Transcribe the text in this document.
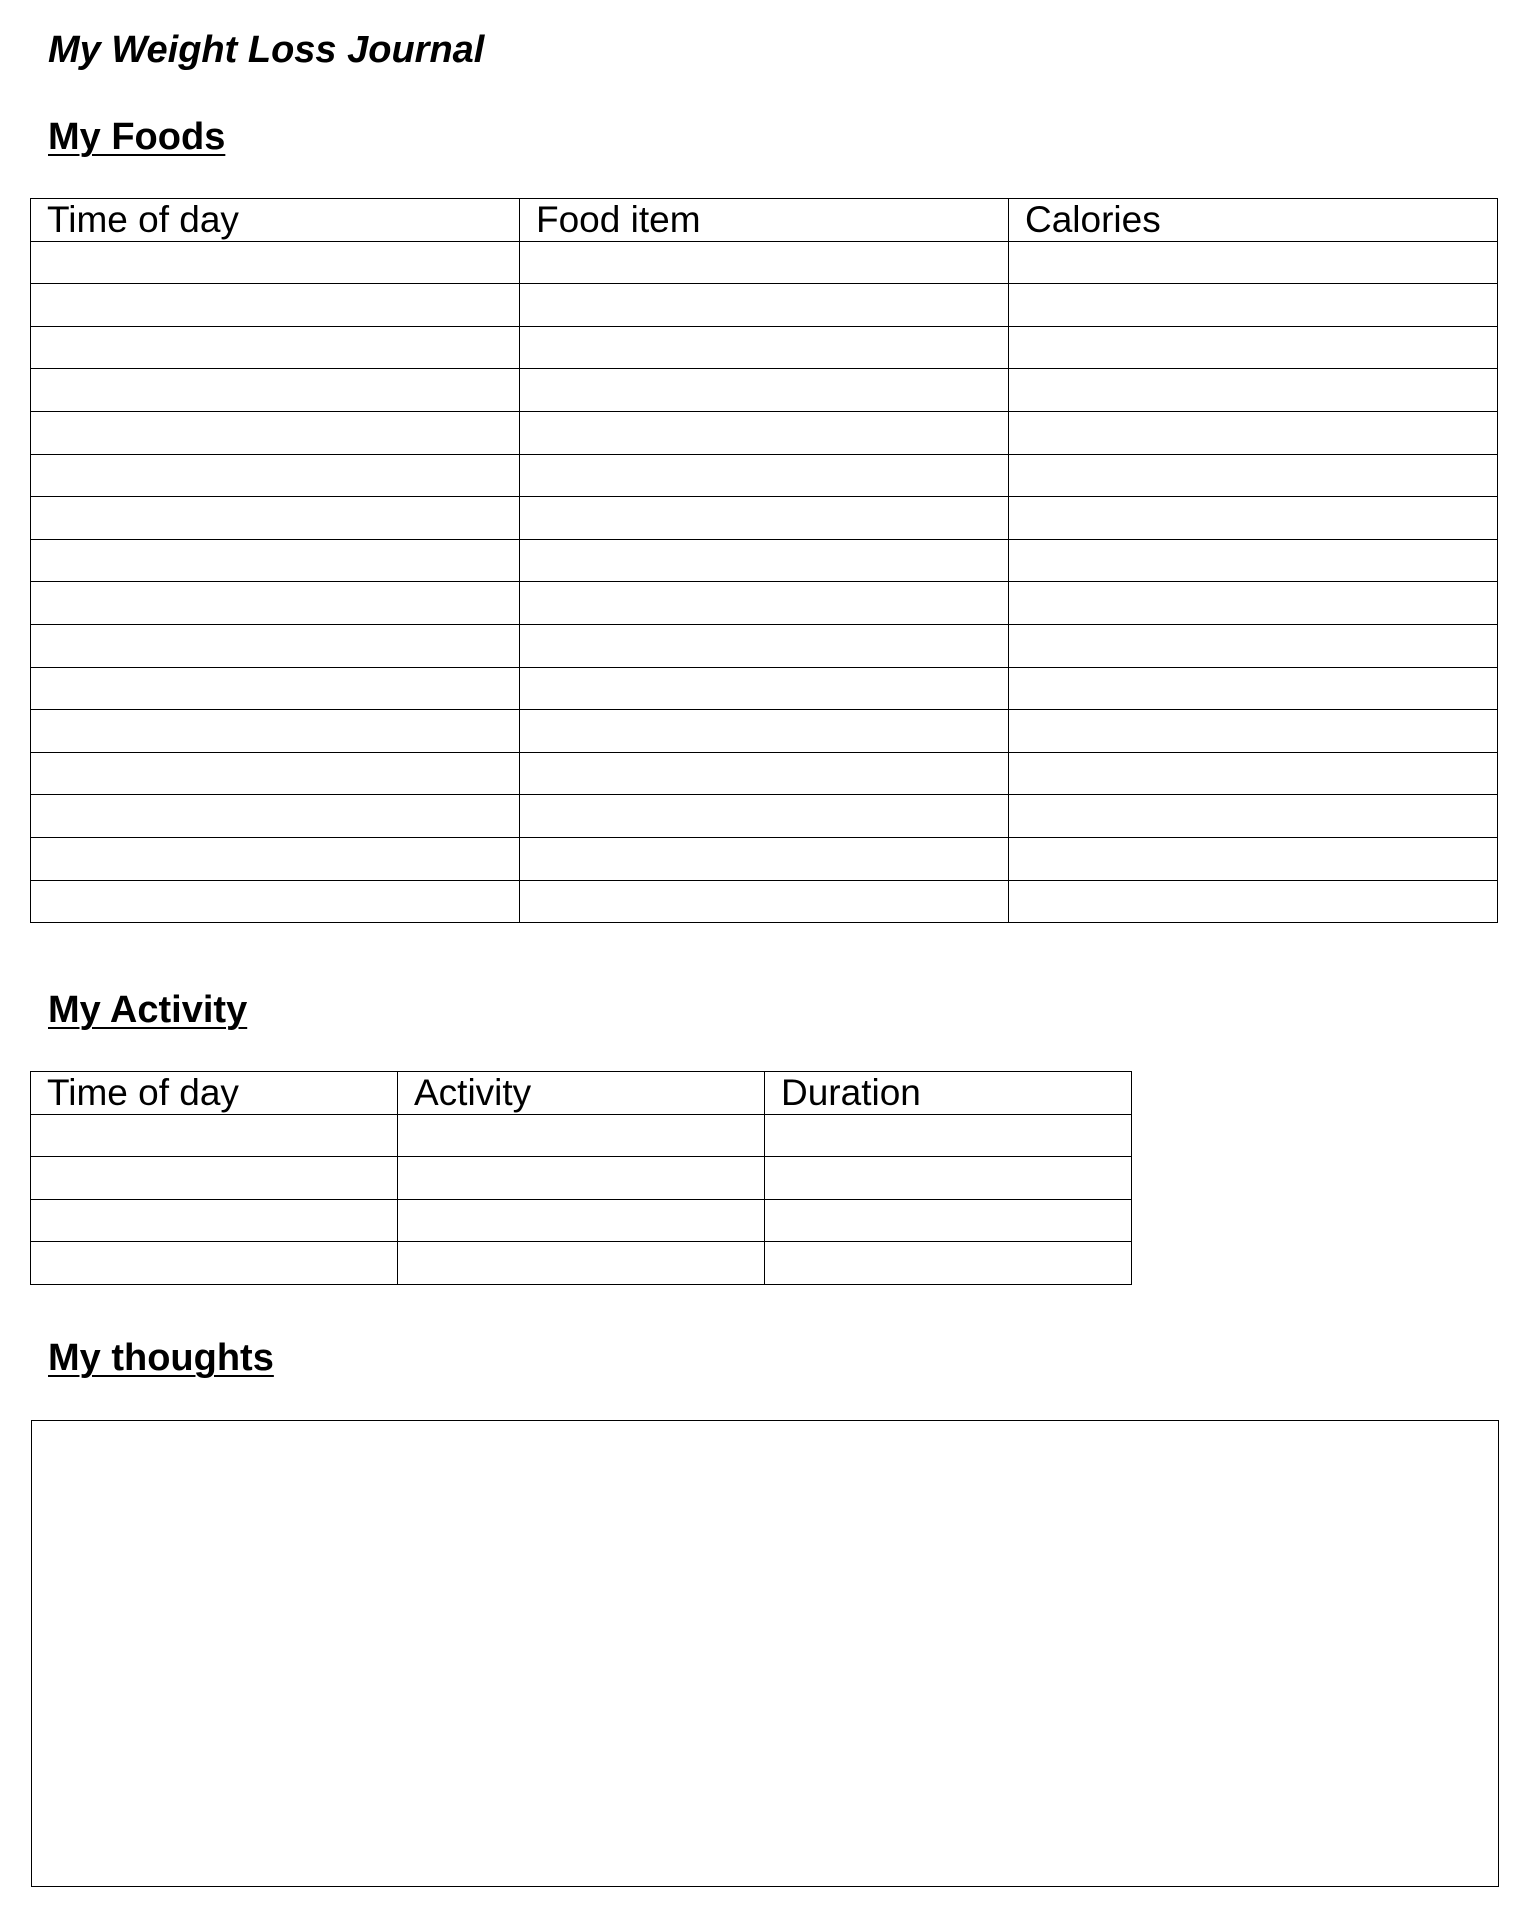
My Weight Loss Journal
My Foods
Time of day	Food item	Calories

My Activity
Time of day	Activity	Duration

My thoughts
